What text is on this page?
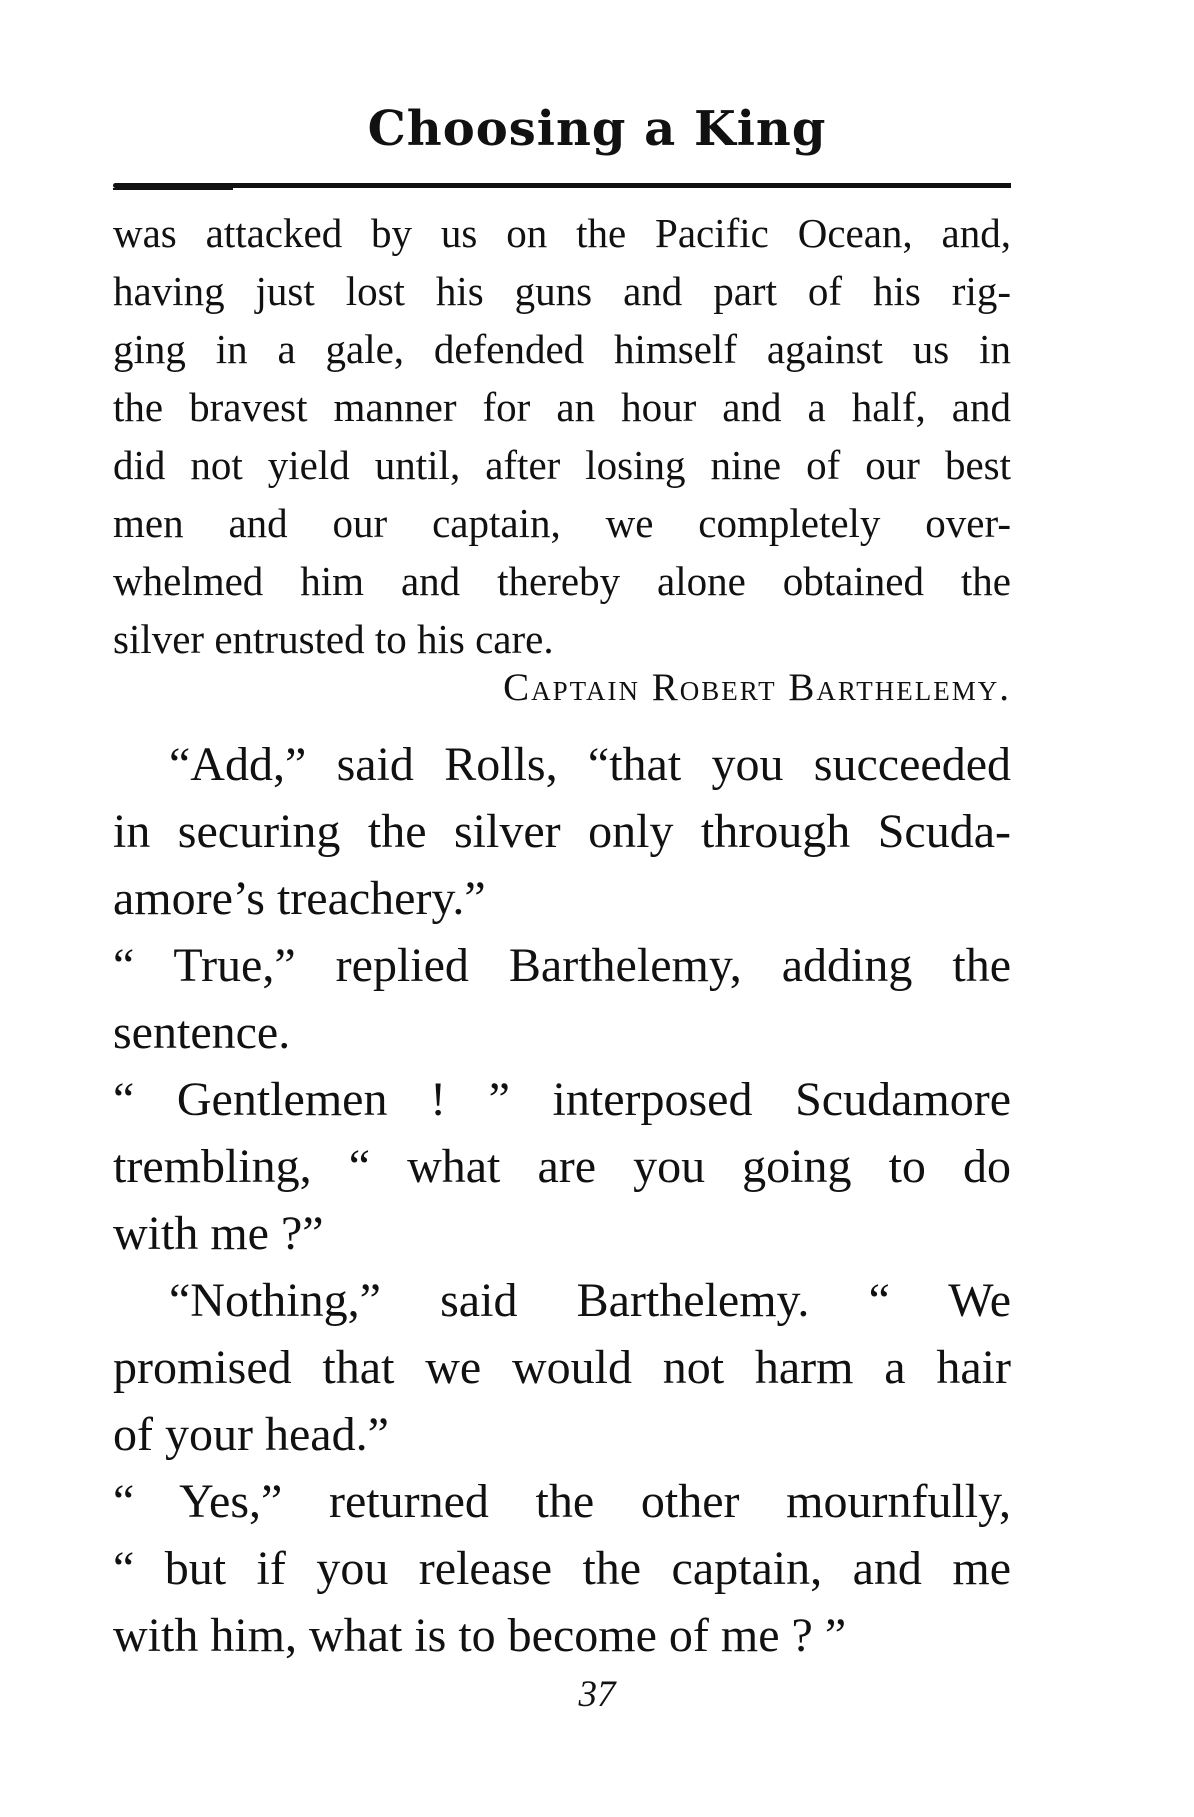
Choosing a King
was attacked by us on the Pacific Ocean, and,
having just lost his guns and part of his rig-
ging in a gale, defended himself against us in
the bravest manner for an hour and a half, and
did not yield until, after losing nine of our best
men and our captain, we completely over-
whelmed him and thereby alone obtained the
silver entrusted to his care.
Captain Robert Barthelemy.
“Add,” said Rolls, “that you succeeded
in securing the silver only through Scuda-
amore’s treachery.”
“ True,” replied Barthelemy, adding the
sentence.
“ Gentlemen ! ” interposed Scudamore
trembling, “ what are you going to do
with me ?”
“Nothing,” said Barthelemy. “ We
promised that we would not harm a hair
of your head.”
“ Yes,” returned the other mournfully,
“ but if you release the captain, and me
with him, what is to become of me ? ”
37
